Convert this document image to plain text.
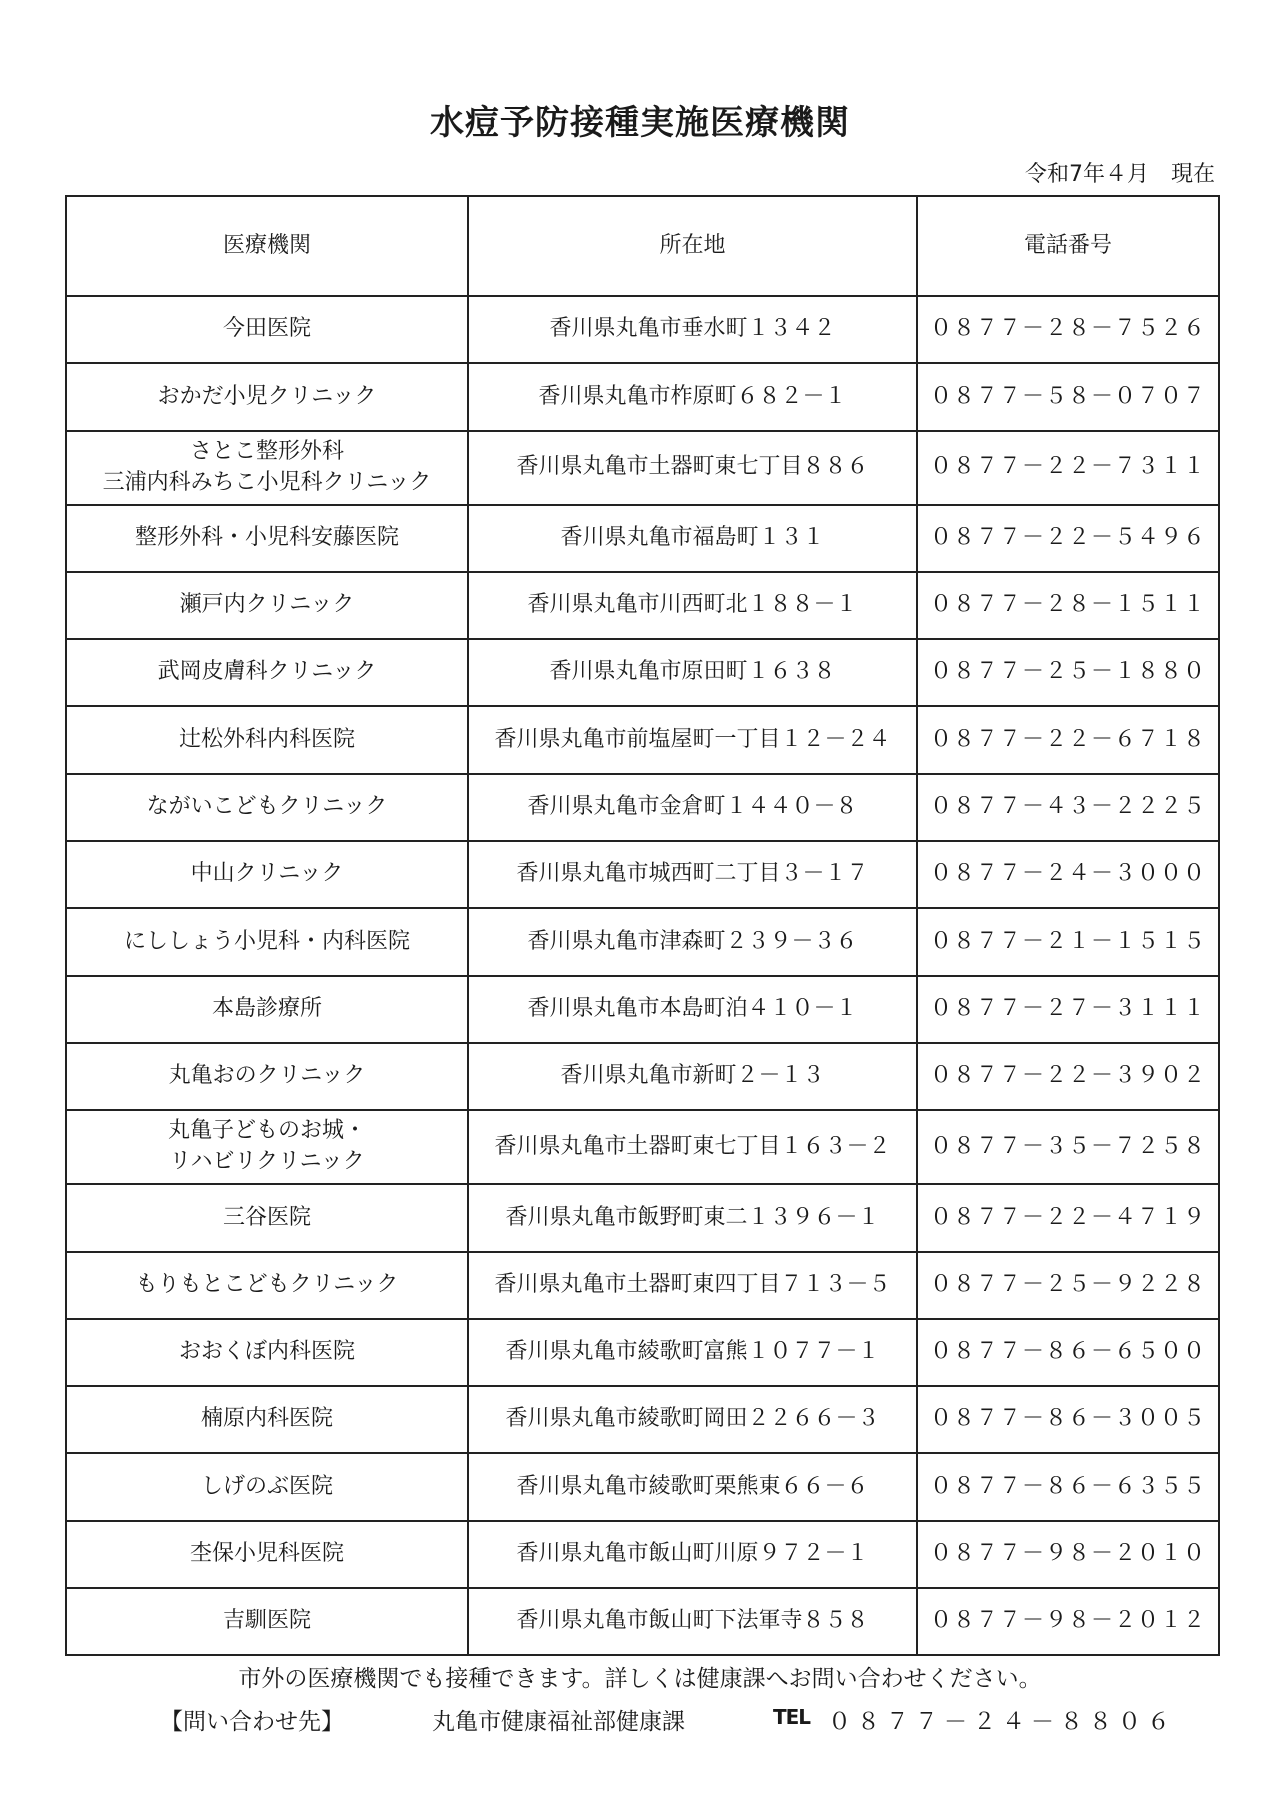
水痘予防接種実施医療機関
令和7年４月　現在
医療機関	所在地	電話番号

今田医院	香川県丸亀市垂水町１３４２	０８７７－２８－７５２６

おかだ小児クリニック	香川県丸亀市柞原町６８２－１	０８７７－５８－０７０７

さとこ整形外科
三浦内科みちこ小児科クリニック	香川県丸亀市土器町東七丁目８８６	０８７７－２２－７３１１

整形外科・小児科安藤医院	香川県丸亀市福島町１３１	０８７７－２２－５４９６

瀬戸内クリニック	香川県丸亀市川西町北１８８－１	０８７７－２８－１５１１

武岡皮膚科クリニック	香川県丸亀市原田町１６３８	０８７７－２５－１８８０

辻松外科内科医院	香川県丸亀市前塩屋町一丁目１２－２４	０８７７－２２－６７１８

ながいこどもクリニック	香川県丸亀市金倉町１４４０－８	０８７７－４３－２２２５

中山クリニック	香川県丸亀市城西町二丁目３－１７	０８７７－２４－３０００

にししょう小児科・内科医院	香川県丸亀市津森町２３９－３６	０８７７－２１－１５１５

本島診療所	香川県丸亀市本島町泊４１０－１	０８７７－２７－３１１１

丸亀おのクリニック	香川県丸亀市新町２－１３	０８７７－２２－３９０２

丸亀子どものお城・
リハビリクリニック	香川県丸亀市土器町東七丁目１６３－２	０８７７－３５－７２５８

三谷医院	香川県丸亀市飯野町東二１３９６－１	０８７７－２２－４７１９

もりもとこどもクリニック	香川県丸亀市土器町東四丁目７１３－５	０８７７－２５－９２２８

おおくぼ内科医院	香川県丸亀市綾歌町富熊１０７７－１	０８７７－８６－６５００

楠原内科医院	香川県丸亀市綾歌町岡田２２６６－３	０８７７－８６－３００５

しげのぶ医院	香川県丸亀市綾歌町栗熊東６６－６	０８７７－８６－６３５５

杢保小児科医院	香川県丸亀市飯山町川原９７２－１	０８７７－９８－２０１０

吉馴医院	香川県丸亀市飯山町下法軍寺８５８	０８７７－９８－２０１２
市外の医療機関でも接種できます。詳しくは健康課へお問い合わせください。
【問い合わせ先】	丸亀市健康福祉部健康課	TEL ０８７７－２４－８８０６
